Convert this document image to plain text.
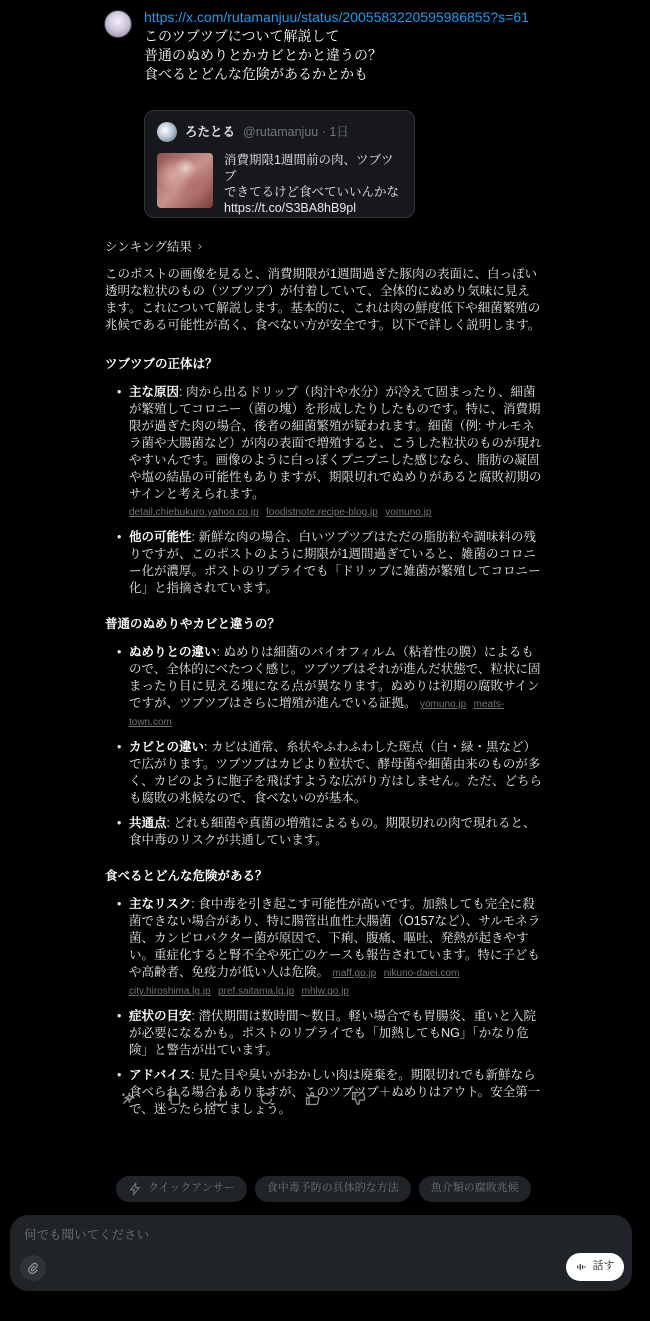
https://x.com/rutamanjuu/status/2005583220595986855?s=61
このツブツブについて解説して
普通のぬめりとかカビとかと違うの？
食べるとどんな危険があるかとかも
ろたとる @rutamanjuu · 1日
消費期限1週間前の肉、ツブツブ
できてるけど食べていいんかな
https://t.co/S3BA8hB9pl
シンキング結果 ›

このポストの画像を見ると、消費期限が1週間過ぎた豚肉の表面に、白っぽい透明な粒状のもの（ツブツブ）が付着していて、全体的にぬめり気味に見えます。これについて解説します。基本的に、これは肉の鮮度低下や細菌繁殖の兆候である可能性が高く、食べない方が安全です。以下で詳しく説明します。

ツブツブの正体は？
• 主な原因: 肉から出るドリップ（肉汁や水分）が冷えて固まったり、細菌が繁殖してコロニー（菌の塊）を形成したりしたものです。特に、消費期限が過ぎた肉の場合、後者の細菌繁殖が疑われます。細菌（例: サルモネラ菌や大腸菌など）が肉の表面で増殖すると、こうした粒状のものが現れやすいんです。画像のように白っぽくプニプニした感じなら、脂肪の凝固や塩の結晶の可能性もありますが、期限切れでぬめりがあると腐敗初期のサインと考えられます。
detail.chiebukuro.yahoo.co.jp foodistnote.recipe-blog.jp yomuno.jp
• 他の可能性: 新鮮な肉の場合、白いツブツブはただの脂肪粒や調味料の残りですが、このポストのように期限が1週間過ぎていると、雑菌のコロニー化が濃厚。ポストのリプライでも「ドリップに雑菌が繁殖してコロニー化」と指摘されています。
普通のぬめりやカビと違うの？
• ぬめりとの違い: ぬめりは細菌のバイオフィルム（粘着性の膜）によるもので、全体的にべたつく感じ。ツブツブはそれが進んだ状態で、粒状に固まったり目に見える塊になる点が異なります。ぬめりは初期の腐敗サインですが、ツブツブはさらに増殖が進んでいる証拠。 yomuno.jp meats-town.com
• カビとの違い: カビは通常、糸状やふわふわした斑点（白・緑・黒など）で広がります。ツブツブはカビより粒状で、酵母菌や細菌由来のものが多く、カビのように胞子を飛ばすような広がり方はしません。ただ、どちらも腐敗の兆候なので、食べないのが基本。
• 共通点: どれも細菌や真菌の増殖によるもの。期限切れの肉で現れると、食中毒のリスクが共通しています。
食べるとどんな危険がある？
• 主なリスク: 食中毒を引き起こす可能性が高いです。加熱しても完全に殺菌できない場合があり、特に腸管出血性大腸菌（O157など）、サルモネラ菌、カンピロバクター菌が原因で、下痢、腹痛、嘔吐、発熱が起きやすい。重症化すると腎不全や死亡のケースも報告されています。特に子どもや高齢者、免疫力が低い人は危険。 maff.go.jp nikuno-daiei.com city.hiroshima.lg.jp pref.saitama.lg.jp mhlw.go.jp
• 症状の目安: 潜伏期間は数時間〜数日。軽い場合でも胃腸炎、重いと入院が必要になるかも。ポストのリプライでも「加熱してもNG」「かなり危険」と警告が出ています。
• アドバイス: 見た目や臭いがおかしい肉は廃棄を。期限切れでも新鮮なら食べられる場合もありますが、このツブツブ＋ぬめりはアウト。安全第一で、迷ったら捨てましょう。
クイックアンサー	食中毒予防の具体的な方法	魚介類の腐敗兆候
何でも聞いてください
話す
